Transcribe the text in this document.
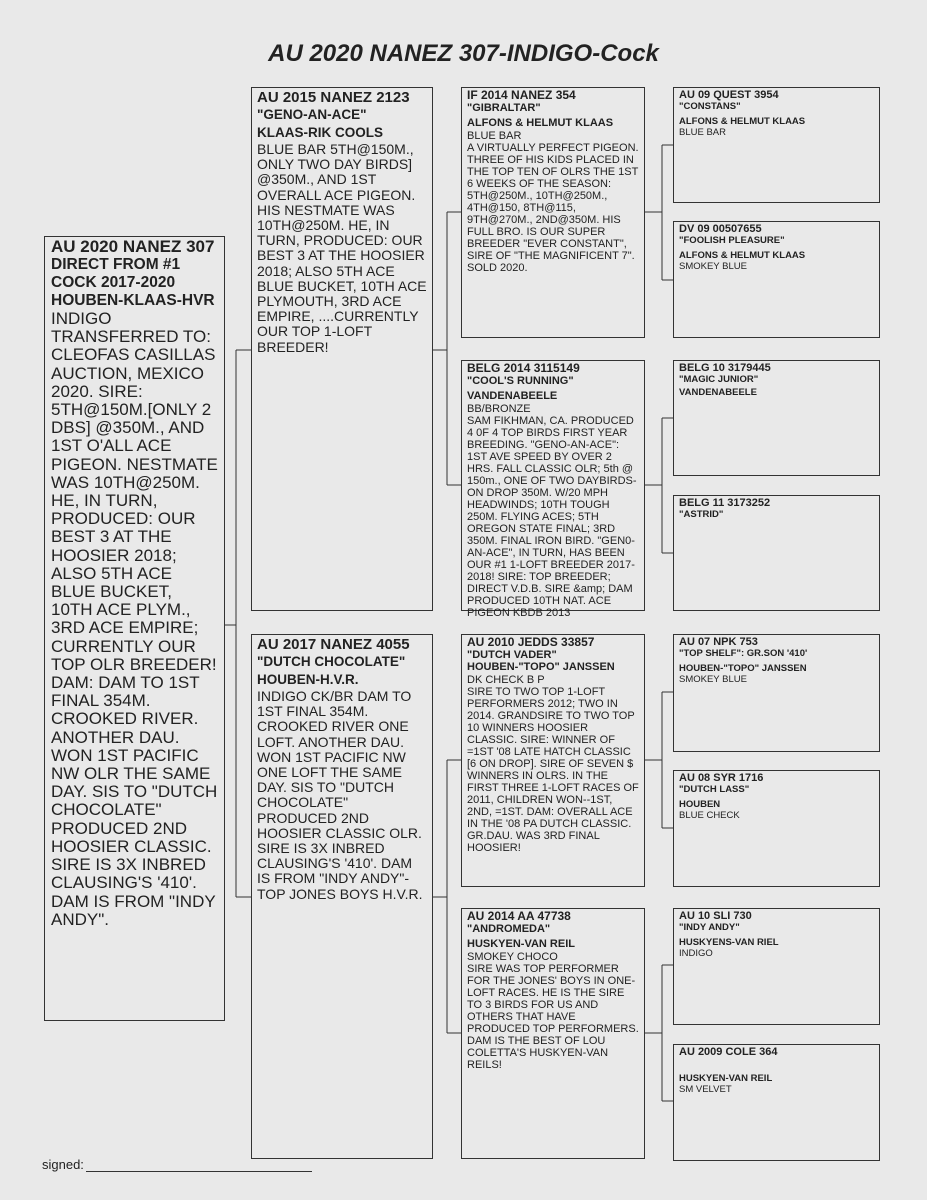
AU 2020 NANEZ 307-INDIGO-Cock
AU 2020 NANEZ 307
DIRECT FROM #1 COCK 2017-2020 HOUBEN-KLAAS-HVR
INDIGO TRANSFERRED TO: CLEOFAS CASILLAS AUCTION, MEXICO 2020. SIRE: 5TH@150M.[ONLY 2 DBS] @350M., AND 1ST O'ALL ACE PIGEON. NESTMATE WAS 10TH@250M. HE, IN TURN, PRODUCED: OUR BEST 3 AT THE HOOSIER 2018; ALSO 5TH ACE BLUE BUCKET, 10TH ACE PLYM., 3RD ACE EMPIRE; CURRENTLY OUR TOP OLR BREEDER! DAM: DAM TO 1ST FINAL 354M. CROOKED RIVER. ANOTHER DAU. WON 1ST PACIFIC NW OLR THE SAME DAY. SIS TO "DUTCH CHOCOLATE" PRODUCED 2ND HOOSIER CLASSIC. SIRE IS 3X INBRED CLAUSING'S '410'. DAM IS FROM "INDY ANDY".
AU 2015 NANEZ 2123
"GENO-AN-ACE"
KLAAS-RIK COOLS
BLUE BAR 5TH@150M., ONLY TWO DAY BIRDS] @350M., AND 1ST OVERALL ACE PIGEON. HIS NESTMATE WAS 10TH@250M. HE, IN TURN, PRODUCED: OUR BEST 3 AT THE HOOSIER 2018; ALSO 5TH ACE BLUE BUCKET, 10TH ACE PLYMOUTH, 3RD ACE EMPIRE, ....CURRENTLY OUR TOP 1-LOFT BREEDER!
AU 2017 NANEZ 4055
"DUTCH CHOCOLATE"
HOUBEN-H.V.R.
INDIGO CK/BR DAM TO 1ST FINAL 354M. CROOKED RIVER ONE LOFT. ANOTHER DAU. WON 1ST PACIFIC NW ONE LOFT THE SAME DAY. SIS TO "DUTCH CHOCOLATE" PRODUCED 2ND HOOSIER CLASSIC OLR. SIRE IS 3X INBRED CLAUSING'S '410'. DAM IS FROM "INDY ANDY"-TOP JONES BOYS H.V.R.
IF 2014 NANEZ 354
"GIBRALTAR"
ALFONS & HELMUT KLAAS
BLUE BAR
A VIRTUALLY PERFECT PIGEON. THREE OF HIS KIDS PLACED IN THE TOP TEN OF OLRS THE 1ST 6 WEEKS OF THE SEASON: 5TH@250M., 10TH@250M., 4TH@150, 8TH@115, 9TH@270M., 2ND@350M. HIS FULL BRO. IS OUR SUPER BREEDER "EVER CONSTANT", SIRE OF "THE MAGNIFICENT 7". SOLD 2020.
BELG 2014 3115149
"COOL'S RUNNING"
VANDENABEELE
BB/BRONZE
SAM FIKHMAN, CA. PRODUCED 4 0F 4 TOP BIRDS FIRST YEAR BREEDING. "GENO-AN-ACE": 1ST AVE SPEED BY OVER 2 HRS. FALL CLASSIC OLR; 5th @ 150m., ONE OF TWO DAYBIRDS- ON DROP 350M. W/20 MPH HEADWINDS; 10TH TOUGH 250M. FLYING ACES; 5TH OREGON STATE FINAL; 3RD 350M. FINAL IRON BIRD. "GEN0-AN-ACE", IN TURN, HAS BEEN OUR #1 1-LOFT BREEDER 2017-2018! SIRE: TOP BREEDER; DIRECT V.D.B. SIRE &amp; DAM PRODUCED 10TH NAT. ACE PIGEON KBDB 2013
AU 2010 JEDDS 33857
"DUTCH VADER"
HOUBEN-"TOPO" JANSSEN
DK CHECK B P
SIRE TO TWO TOP 1-LOFT PERFORMERS 2012; TWO IN 2014. GRANDSIRE TO TWO TOP 10 WINNERS HOOSIER CLASSIC. SIRE: WINNER OF =1ST '08 LATE HATCH CLASSIC [6 ON DROP]. SIRE OF SEVEN $ WINNERS IN OLRS. IN THE FIRST THREE 1-LOFT RACES OF 2011, CHILDREN WON--1ST, 2ND, =1ST. DAM: OVERALL ACE IN THE '08 PA DUTCH CLASSIC. GR.DAU. WAS 3RD FINAL HOOSIER!
AU 2014 AA 47738
"ANDROMEDA"
HUSKYEN-VAN REIL
SMOKEY CHOCO
SIRE WAS TOP PERFORMER FOR THE JONES' BOYS IN ONE-LOFT RACES. HE IS THE SIRE TO 3 BIRDS FOR US AND OTHERS THAT HAVE PRODUCED TOP PERFORMERS. DAM IS THE BEST OF LOU COLETTA'S HUSKYEN-VAN REILS!
AU 09 QUEST 3954
"CONSTANS"
ALFONS & HELMUT KLAAS
BLUE BAR
DV 09 00507655
"FOOLISH PLEASURE"
ALFONS & HELMUT KLAAS
SMOKEY BLUE
BELG 10 3179445
"MAGIC JUNIOR"
VANDENABEELE
BELG 11 3173252
"ASTRID"
AU 07 NPK 753
"TOP SHELF": GR.SON '410'
HOUBEN-"TOPO" JANSSEN
SMOKEY BLUE
AU 08 SYR 1716
"DUTCH LASS"
HOUBEN
BLUE CHECK
AU 10 SLI 730
"INDY ANDY"
HUSKYENS-VAN RIEL
INDIGO
AU 2009 COLE 364
HUSKYEN-VAN REIL
SM VELVET
signed:
